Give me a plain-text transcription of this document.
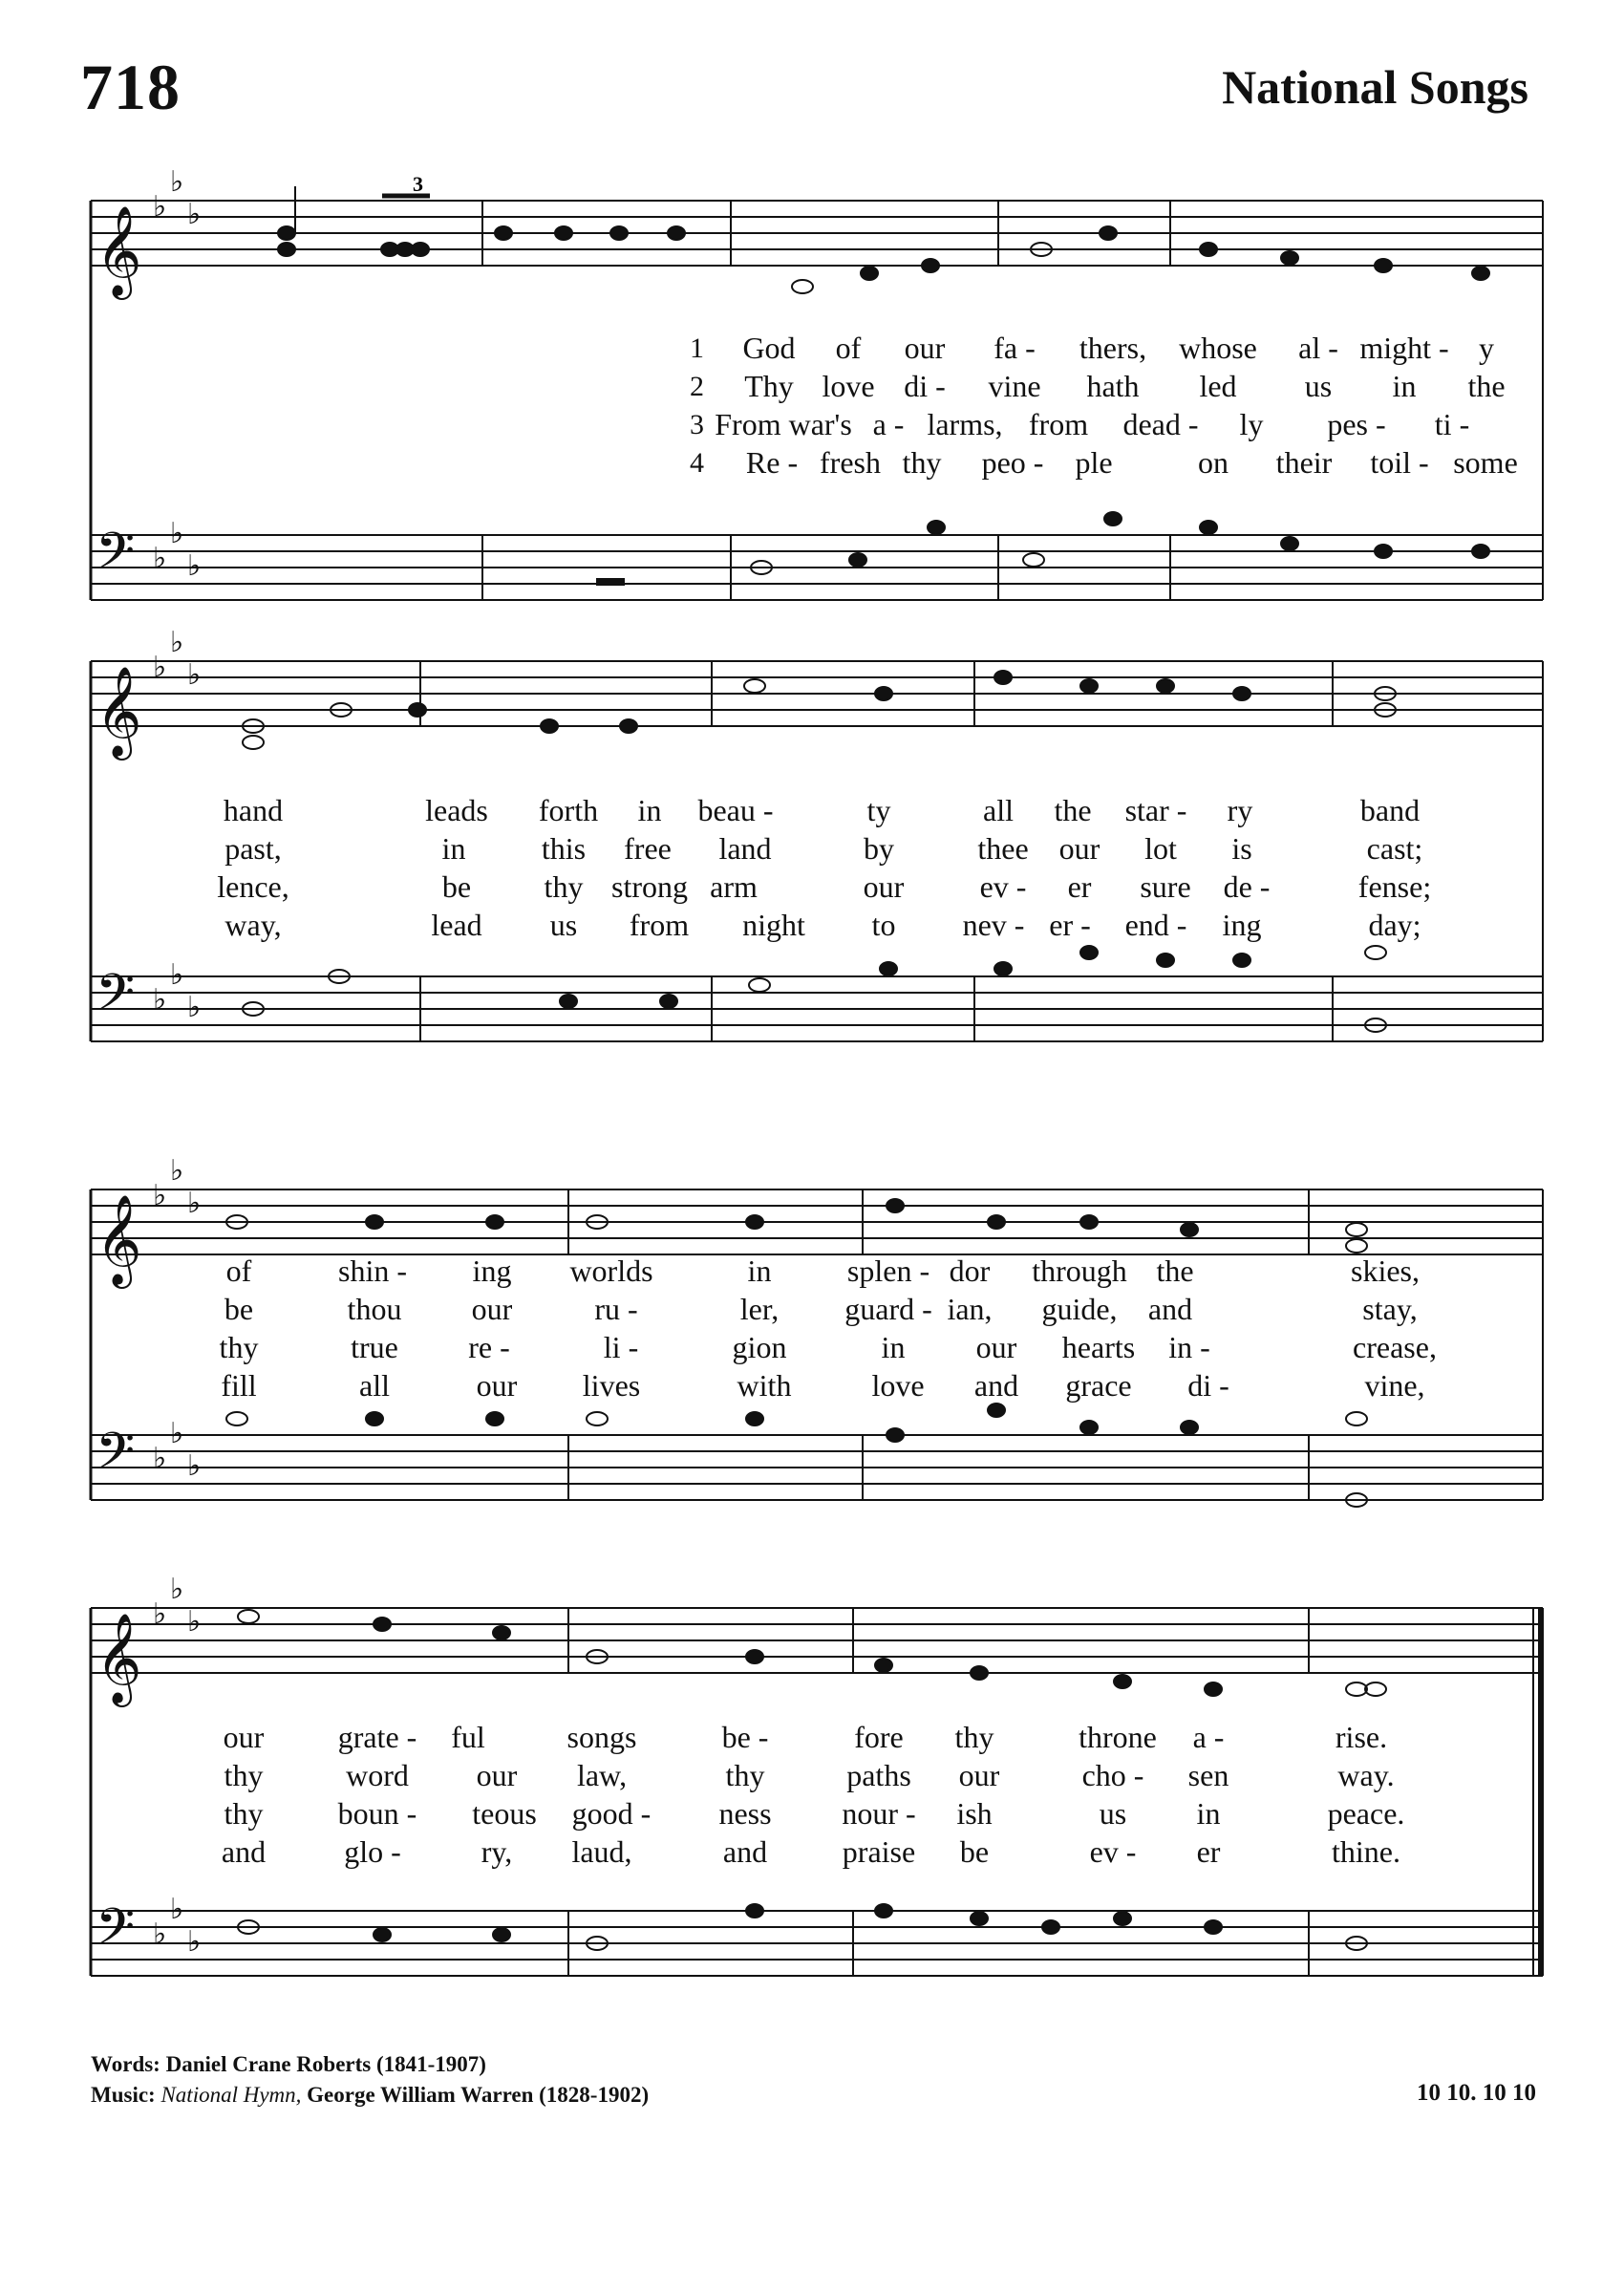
718	National Songs
𝄞
𝄢
♭
♭
♭
♭
♭
♭
3
1
2
3
4
God of our fa - thers, whose al - might - y
Thy love di - vine hath led us in the
From war's a - larms, from dead - ly pes - ti -
Re - fresh thy peo - ple	on their toil - some
𝄞
𝄢
♭
♭
♭
♭
♭
♭
hand	leads forth in beau -	ty	all the star - ry	band
past,	in this free land	by	thee our lot is	cast;
lence,	be thy strong arm	our ev - er sure de -	fense;
way,	lead us from night to nev - er - end - ing	day;
𝄞
𝄢
♭
♭
♭
♭
♭
♭
of	shin - ing worlds	in splen - dor through the	skies,
be	thou our	ru -	ler, guard - ian, guide, and	stay,
thy	true re -	li -	gion	in our hearts in -	crease,
fill	all	our lives	with	love and grace di -	vine,
𝄞
𝄢
♭
♭
♭
♭
♭
♭
our grate - ful	songs	be -	fore thy	throne a -	rise.
thy	word our law,	thy	paths our	cho - sen	way.
thy boun - teous good - ness nour - ish	us in	peace.
and	glo -	ry, laud,	and praise be	ev - er	thine.
Words: Daniel Crane Roberts (1841-1907)
Music: National Hymn, George William Warren (1828-1902)	10 10. 10 10
